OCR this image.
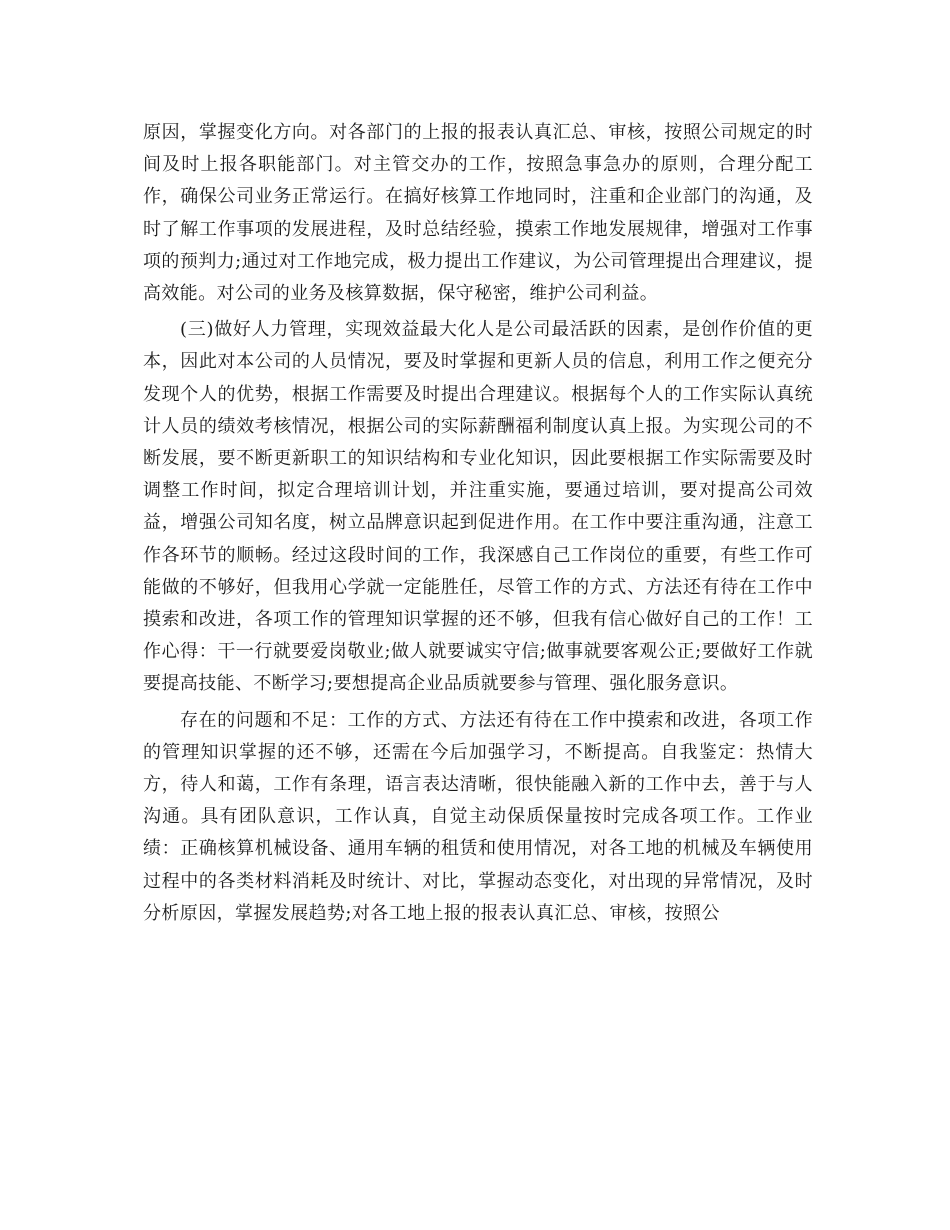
原因，掌握变化方向。对各部门的上报的报表认真汇总、审核，按照公司规定的时间及时上报各职能部门。对主管交办的工作，按照急事急办的原则，合理分配工作，确保公司业务正常运行。在搞好核算工作地同时，注重和企业部门的沟通，及时了解工作事项的发展进程，及时总结经验，摸索工作地发展规律，增强对工作事项的预判力;通过对工作地完成，极力提出工作建议，为公司管理提出合理建议，提高效能。对公司的业务及核算数据，保守秘密，维护公司利益。

(三)做好人力管理，实现效益最大化人是公司最活跃的因素，是创作价值的更本，因此对本公司的人员情况，要及时掌握和更新人员的信息，利用工作之便充分发现个人的优势，根据工作需要及时提出合理建议。根据每个人的工作实际认真统计人员的绩效考核情况，根据公司的实际薪酬福利制度认真上报。为实现公司的不断发展，要不断更新职工的知识结构和专业化知识，因此要根据工作实际需要及时调整工作时间，拟定合理培训计划，并注重实施，要通过培训，要对提高公司效益，增强公司知名度，树立品牌意识起到促进作用。在工作中要注重沟通，注意工作各环节的顺畅。经过这段时间的工作，我深感自己工作岗位的重要，有些工作可能做的不够好，但我用心学就一定能胜任，尽管工作的方式、方法还有待在工作中摸索和改进，各项工作的管理知识掌握的还不够，但我有信心做好自己的工作！工作心得：干一行就要爱岗敬业;做人就要诚实守信;做事就要客观公正;要做好工作就要提高技能、不断学习;要想提高企业品质就要参与管理、强化服务意识。

存在的问题和不足：工作的方式、方法还有待在工作中摸索和改进，各项工作的管理知识掌握的还不够，还需在今后加强学习，不断提高。自我鉴定：热情大方，待人和蔼，工作有条理，语言表达清晰，很快能融入新的工作中去，善于与人沟通。具有团队意识，工作认真，自觉主动保质保量按时完成各项工作。工作业绩：正确核算机械设备、通用车辆的租赁和使用情况，对各工地的机械及车辆使用过程中的各类材料消耗及时统计、对比，掌握动态变化，对出现的异常情况，及时分析原因，掌握发展趋势;对各工地上报的报表认真汇总、审核，按照公
